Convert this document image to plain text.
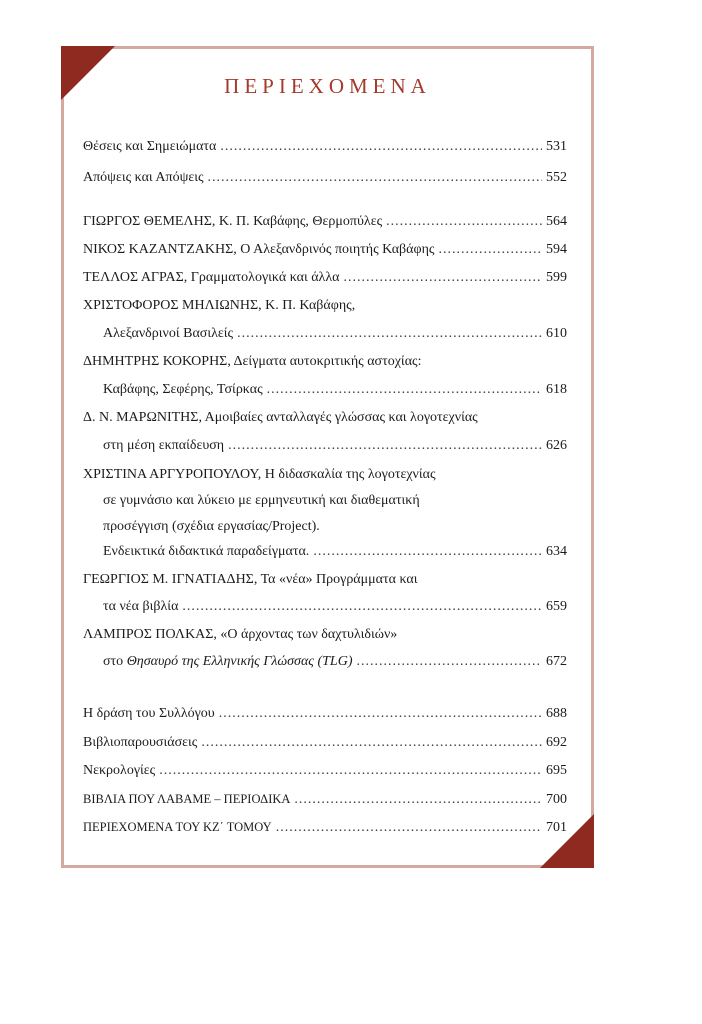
ΠΕΡΙΕΧΟΜΕΝΑ
Θέσεις και Σημειώματα .....	531
Απόψεις και Απόψεις .....	552
ΓΙΩΡΓΟΣ ΘΕΜΕΛΗΣ, Κ. Π. Καβάφης, Θερμοπύλες .....	564
ΝΙΚΟΣ ΚΑΖΑΝΤΖΑΚΗΣ, Ο Αλεξανδρινός ποιητής Καβάφης .....	594
ΤΕΛΛΟΣ ΑΓΡΑΣ, Γραμματολογικά και άλλα .....	599
ΧΡΙΣΤΟΦΟΡΟΣ ΜΗΛΙΩΝΗΣ, Κ. Π. Καβάφης,
Αλεξανδρινοί Βασιλείς .....	610
ΔΗΜΗΤΡΗΣ ΚΟΚΟΡΗΣ, Δείγματα αυτοκριτικής αστοχίας:
Καβάφης, Σεφέρης, Τσίρκας .....	618
Δ. Ν. ΜΑΡΩΝΙΤΗΣ, Αμοιβαίες ανταλλαγές γλώσσας και λογοτεχνίας
στη μέση εκπαίδευση .....	626
ΧΡΙΣΤΙΝΑ ΑΡΓΥΡΟΠΟΥΛΟΥ, Η διδασκαλία της λογοτεχνίας
σε γυμνάσιο και λύκειο με ερμηνευτική και διαθεματική
προσέγγιση (σχέδια εργασίας/Project).
Ενδεικτικά διδακτικά παραδείγματα. .....	634
ΓΕΩΡΓΙΟΣ Μ. ΙΓΝΑΤΙΑΔΗΣ, Τα «νέα» Προγράμματα και
τα νέα βιβλία .....	659
ΛΑΜΠΡΟΣ ΠΟΛΚΑΣ, «Ο άρχοντας των δαχτυλιδιών»
στο Θησαυρό της Ελληνικής Γλώσσας (TLG) .....	672
Η δράση του Συλλόγου .....	688
Βιβλιοπαρουσιάσεις .....	692
Νεκρολογίες .....	695
ΒΙΒΛΙΑ ΠΟΥ ΛΑΒΑΜΕ – ΠΕΡΙΟΔΙΚΑ .....	700
ΠΕΡΙΕΧΟΜΕΝΑ ΤΟΥ ΚΖ΄ ΤΟΜΟΥ .....	701
